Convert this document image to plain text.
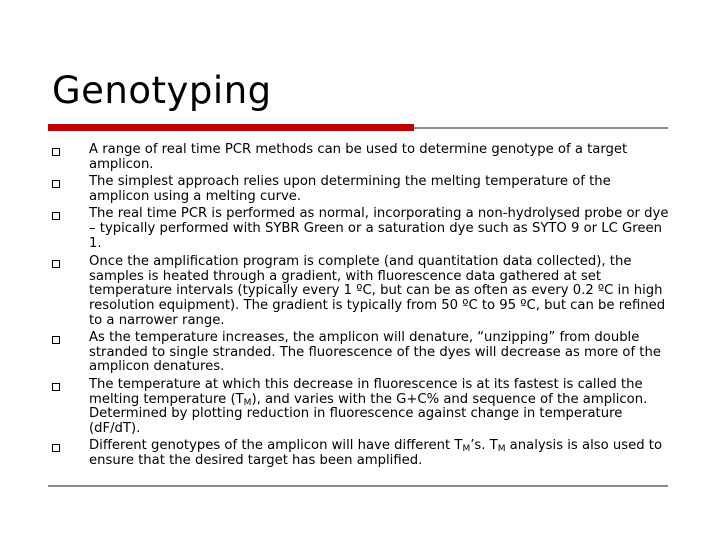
Genotyping
A range of real time PCR methods can be used to determine genotype of a target amplicon.
The simplest approach relies upon determining the melting temperature of the amplicon using a melting curve.
The real time PCR is performed as normal, incorporating a non-hydrolysed probe or dye – typically performed with SYBR Green or a saturation dye such as SYTO 9 or LC Green 1.
Once the amplification program is complete (and quantitation data collected), the samples is heated through a gradient, with fluorescence data gathered at set temperature intervals (typically every 1 ºC, but can be as often as every 0.2 ºC in high resolution equipment). The gradient is typically from 50 ºC to 95 ºC, but can be refined to a narrower range.
As the temperature increases, the amplicon will denature, “unzipping” from double stranded to single stranded. The fluorescence of the dyes will decrease as more of the amplicon denatures.
The temperature at which this decrease in fluorescence is at its fastest is called the melting temperature $(T_M)$, and varies with the G+C% and sequence of the amplicon. Determined by plotting reduction in fluorescence against change in temperature (dF/dT).
Different genotypes of the amplicon will have different $T_M’s$. $T_M$ analysis is also used to ensure that the desired target has been amplified.
